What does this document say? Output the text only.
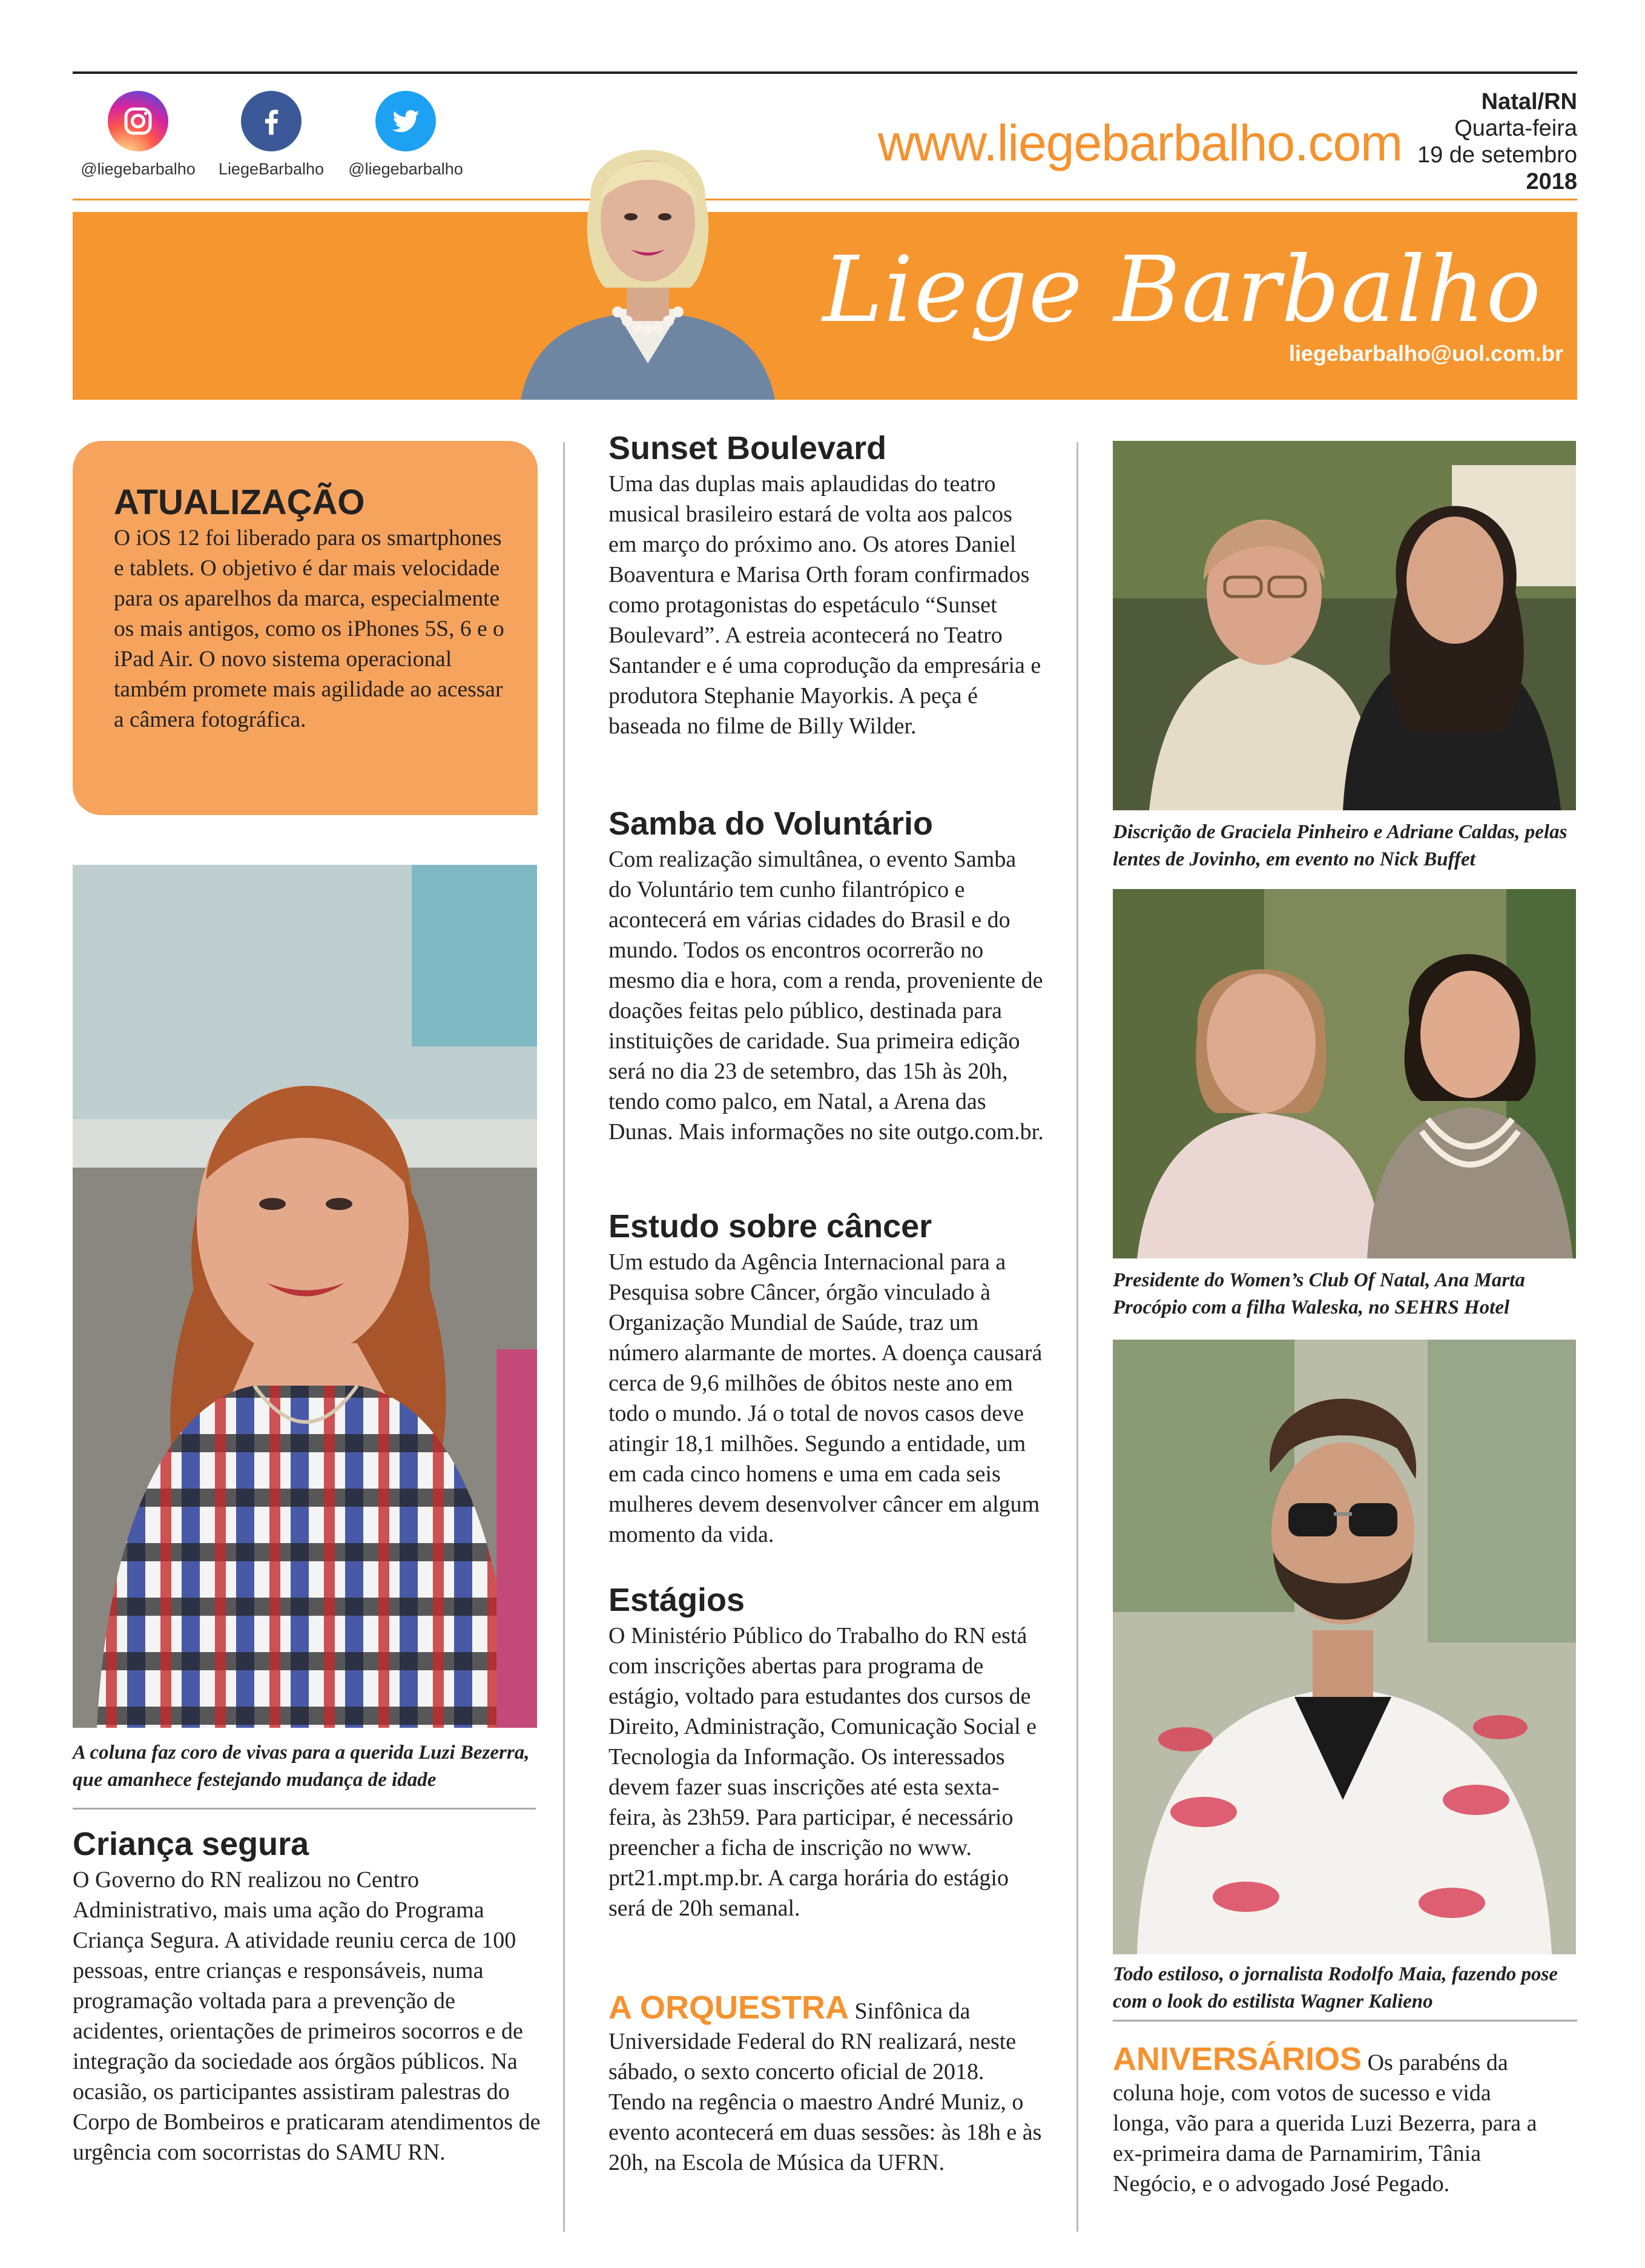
@liegebarbalho	LiegeBarbalho	@liegebarbalho	www.liegebarbalho.com
Natal/RN
Quarta-feira
19 de setembro
2018
Liege Barbalho
liegebarbalho@uol.com.br
ATUALIZAÇÃO
O iOS 12 foi liberado para os smartphones e tablets. O objetivo é dar mais velocidade para os aparelhos da marca, especialmente os mais antigos, como os iPhones 5S, 6 e o iPad Air. O novo sistema operacional também promete mais agilidade ao acessar a câmera fotográfica.
A coluna faz coro de vivas para a querida Luzi Bezerra, que amanhece festejando mudança de idade
Criança segura
O Governo do RN realizou no Centro Administrativo, mais uma ação do Programa Criança Segura. A atividade reuniu cerca de 100 pessoas, entre crianças e responsáveis, numa programação voltada para a prevenção de acidentes, orientações de primeiros socorros e de integração da sociedade aos órgãos públicos. Na ocasião, os participantes assistiram palestras do Corpo de Bombeiros e praticaram atendimentos de urgência com socorristas do SAMU RN.
Sunset Boulevard
Uma das duplas mais aplaudidas do teatro musical brasileiro estará de volta aos palcos em março do próximo ano. Os atores Daniel Boaventura e Marisa Orth foram confirmados como protagonistas do espetáculo “Sunset Boulevard”. A estreia acontecerá no Teatro Santander e é uma coprodução da empresária e produtora Stephanie Mayorkis. A peça é baseada no filme de Billy Wilder.
Samba do Voluntário
Com realização simultânea, o evento Samba do Voluntário tem cunho filantrópico e acontecerá em várias cidades do Brasil e do mundo. Todos os encontros ocorrerão no mesmo dia e hora, com a renda, proveniente de doações feitas pelo público, destinada para instituições de caridade. Sua primeira edição será no dia 23 de setembro, das 15h às 20h, tendo como palco, em Natal, a Arena das Dunas. Mais informações no site outgo.com.br.
Estudo sobre câncer
Um estudo da Agência Internacional para a Pesquisa sobre Câncer, órgão vinculado à Organização Mundial de Saúde, traz um número alarmante de mortes. A doença causará cerca de 9,6 milhões de óbitos neste ano em todo o mundo. Já o total de novos casos deve atingir 18,1 milhões. Segundo a entidade, um em cada cinco homens e uma em cada seis mulheres devem desenvolver câncer em algum momento da vida.
Estágios
O Ministério Público do Trabalho do RN está com inscrições abertas para programa de estágio, voltado para estudantes dos cursos de Direito, Administração, Comunicação Social e Tecnologia da Informação. Os interessados devem fazer suas inscrições até esta sexta-feira, às 23h59. Para participar, é necessário preencher a ficha de inscrição no www. prt21.mpt.mp.br. A carga horária do estágio será de 20h semanal.
A ORQUESTRA Sinfônica da Universidade Federal do RN realizará, neste sábado, o sexto concerto oficial de 2018. Tendo na regência o maestro André Muniz, o evento acontecerá em duas sessões: às 18h e às 20h, na Escola de Música da UFRN.
Discrição de Graciela Pinheiro e Adriane Caldas, pelas lentes de Jovinho, em evento no Nick Buffet
Presidente do Women’s Club Of Natal, Ana Marta Procópio com a filha Waleska, no SEHRS Hotel
Todo estiloso, o jornalista Rodolfo Maia, fazendo pose com o look do estilista Wagner Kalieno
ANIVERSÁRIOS Os parabéns da coluna hoje, com votos de sucesso e vida longa, vão para a querida Luzi Bezerra, para a ex-primeira dama de Parnamirim, Tânia Negócio, e o advogado José Pegado.
